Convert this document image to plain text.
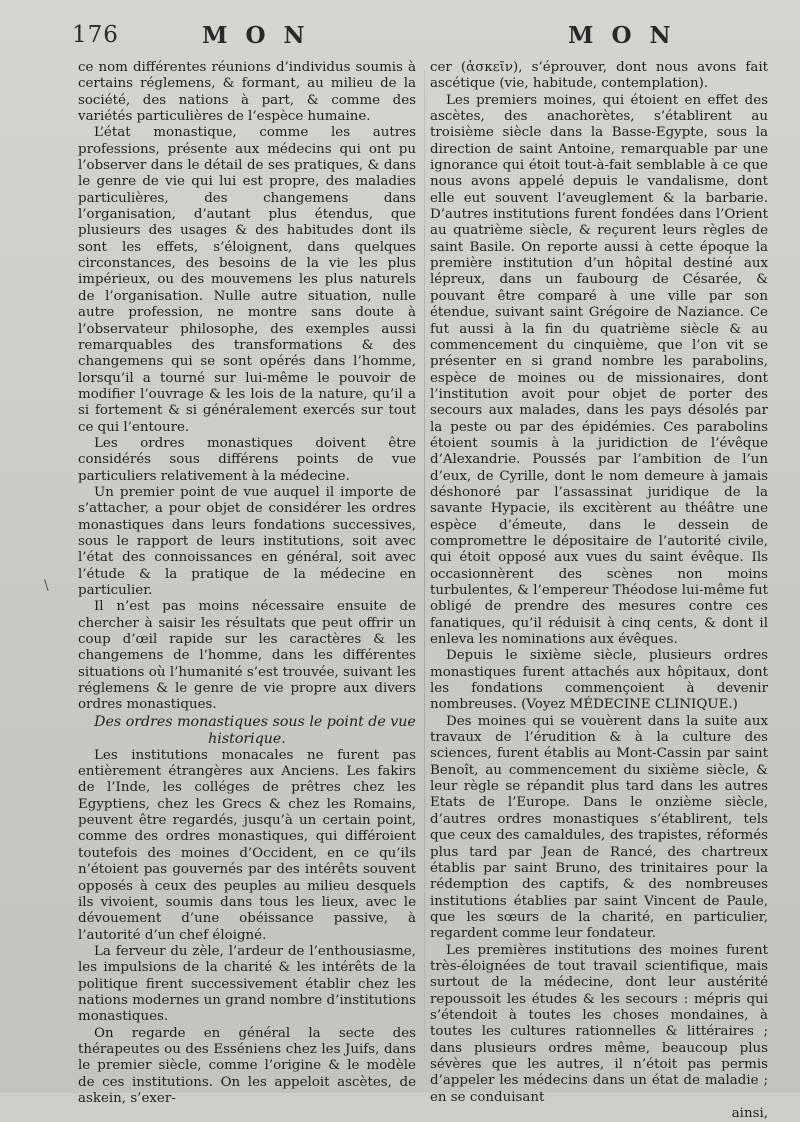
176	M O N	M O N
\

ce nom différentes réunions d’individus soumis à certains réglemens, & formant, au milieu de la société, des nations à part, & comme des variétés particulières de l’espèce humaine.

L’état monastique, comme les autres professions, présente aux médecins qui ont pu l’observer dans le détail de ses pratiques, & dans le genre de vie qui lui est propre, des maladies particulières, des changemens dans l’organisation, d’autant plus étendus, que plusieurs des usages & des habitudes dont ils sont les effets, s’éloignent, dans quelques circonstances, des besoins de la vie les plus impérieux, ou des mouvemens les plus naturels de l’organisation. Nulle autre situation, nulle autre profession, ne montre sans doute à l’observateur philosophe, des exemples aussi remarquables des transformations & des changemens qui se sont opérés dans l’homme, lorsqu’il a tourné sur lui-même le pouvoir de modifier l’ouvrage & les lois de la nature, qu’il a si fortement & si généralement exercés sur tout ce qui l’entoure.

Les ordres monastiques doivent être considérés sous différens points de vue particuliers relativement à la médecine.

Un premier point de vue auquel il importe de s’attacher, a pour objet de considérer les ordres monastiques dans leurs fondations successives, sous le rapport de leurs institutions, soit avec l’état des connoissances en général, soit avec l’étude & la pratique de la médecine en particulier.

Il n’est pas moins nécessaire ensuite de chercher à saisir les résultats que peut offrir un coup d’œil rapide sur les caractères & les changemens de l’homme, dans les différentes situations où l’humanité s’est trouvée, suivant les réglemens & le genre de vie propre aux divers ordres monastiques.

Des ordres monastiques sous le point de vue historique.

Les institutions monacales ne furent pas entièrement étrangères aux Anciens. Les fakirs de l’Inde, les colléges de prêtres chez les Egyptiens, chez les Grecs & chez les Romains, peuvent être regardés, jusqu’à un certain point, comme des ordres monastiques, qui différoient toutefois des moines d’Occident, en ce qu’ils n’étoient pas gouvernés par des intérêts souvent opposés à ceux des peuples au milieu desquels ils vivoient, soumis dans tous les lieux, avec le dévouement d’une obéissance passive, à l’autorité d’un chef éloigné.

La ferveur du zèle, l’ardeur de l’enthousiasme, les impulsions de la charité & les intérêts de la politique firent successivement établir chez les nations modernes un grand nombre d’institutions monastiques.

On regarde en général la secte des thérapeutes ou des Esséniens chez les Juifs, dans le premier siècle, comme l’origine & le modèle de ces institutions. On les appeloit ascètes, de askein, s’exer-

cer (ἀσκεῖν), s’éprouver, dont nous avons fait ascétique (vie, habitude, contemplation).

Les premiers moines, qui étoient en effet des ascètes, des anachorètes, s’établirent au troisième siècle dans la Basse-Egypte, sous la direction de saint Antoine, remarquable par une ignorance qui étoit tout-à-fait semblable à ce que nous avons appelé depuis le vandalisme, dont elle eut souvent l’aveuglement & la barbarie. D’autres institutions furent fondées dans l’Orient au quatrième siècle, & reçurent leurs règles de saint Basile. On reporte aussi à cette époque la première institution d’un hôpital destiné aux lépreux, dans un faubourg de Césarée, & pouvant être comparé à une ville par son étendue, suivant saint Grégoire de Naziance. Ce fut aussi à la fin du quatrième siècle & au commencement du cinquième, que l’on vit se présenter en si grand nombre les parabolins, espèce de moines ou de missionaires, dont l’institution avoit pour objet de porter des secours aux malades, dans les pays désolés par la peste ou par des épidémies. Ces parabolins étoient soumis à la juridiction de l’évêque d’Alexandrie. Poussés par l’ambition de l’un d’eux, de Cyrille, dont le nom demeure à jamais déshonoré par l’assassinat juridique de la savante Hypacie, ils excitèrent au théâtre une espèce d’émeute, dans le dessein de compromettre le dépositaire de l’autorité civile, qui étoit opposé aux vues du saint évêque. Ils occasionnèrent des scènes non moins turbulentes, & l’empereur Théodose lui-même fut obligé de prendre des mesures contre ces fanatiques, qu’il réduisit à cinq cents, & dont il enleva les nominations aux évêques.

Depuis le sixième siècle, plusieurs ordres monastiques furent attachés aux hôpitaux, dont les fondations commençoient à devenir nombreuses. (Voyez MÉDECINE CLINIQUE.)

Des moines qui se vouèrent dans la suite aux travaux de l’érudition & à la culture des sciences, furent établis au Mont-Cassin par saint Benoît, au commencement du sixième siècle, & leur règle se répandit plus tard dans les autres Etats de l’Europe. Dans le onzième siècle, d’autres ordres monastiques s’établirent, tels que ceux des camaldules, des trapistes, réformés plus tard par Jean de Rancé, des chartreux établis par saint Bruno, des trinitaires pour la rédemption des captifs, & des nombreuses institutions établies par saint Vincent de Paule, que les sœurs de la charité, en particulier, regardent comme leur fondateur.

Les premières institutions des moines furent très-éloignées de tout travail scientifique, mais surtout de la médecine, dont leur austérité repoussoit les études & les secours : mépris qui s’étendoit à toutes les choses mondaines, à toutes les cultures rationnelles & littéraires ; dans plusieurs ordres même, beaucoup plus sévères que les autres, il n’étoit pas permis d’appeler les médecins dans un état de maladie ; en se conduisant

ainsi,
